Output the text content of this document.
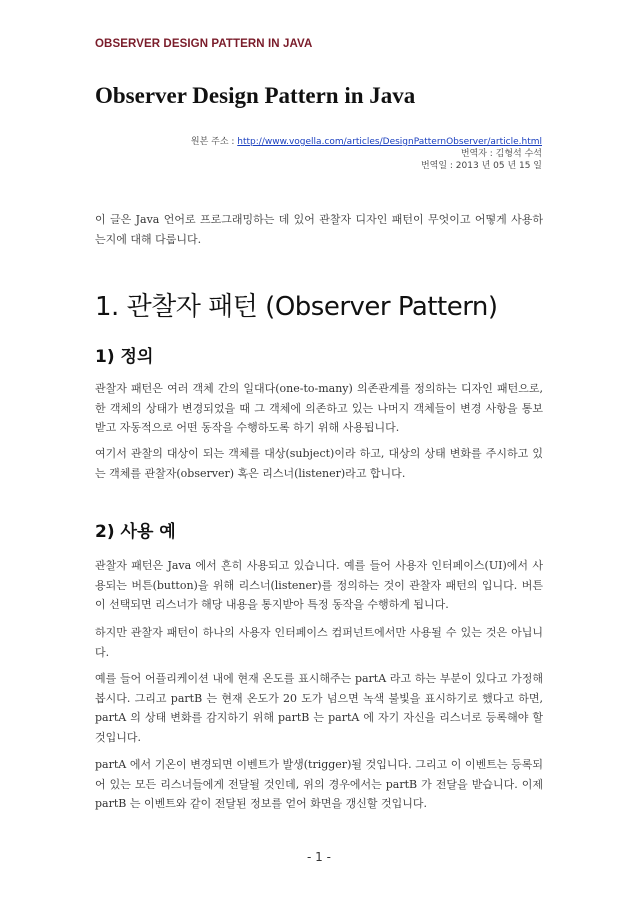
OBSERVER DESIGN PATTERN IN JAVA
Observer Design Pattern in Java
원본 주소 : http://www.vogella.com/articles/DesignPatternObserver/article.html
번역자 : 김형석 수석
번역일 : 2013 년 05 년 15 일
이 글은 Java 언어로 프로그래밍하는 데 있어 관찰자 디자인 패턴이 무엇이고 어떻게 사용하는지에 대해 다룹니다.
1. 관찰자 패턴 (Observer Pattern)
1) 정의
관찰자 패턴은 여러 객체 간의 일대다(one-to-many) 의존관계를 정의하는 디자인 패턴으로, 한 객체의 상태가 변경되었을 때 그 객체에 의존하고 있는 나머지 객체들이 변경 사항을 통보받고 자동적으로 어떤 동작을 수행하도록 하기 위해 사용됩니다.
여기서 관찰의 대상이 되는 객체를 대상(subject)이라 하고, 대상의 상태 변화를 주시하고 있는 객체를 관찰자(observer) 혹은 리스너(listener)라고 합니다.
2) 사용 예
관찰자 패턴은 Java 에서 흔히 사용되고 있습니다. 예를 들어 사용자 인터페이스(UI)에서 사용되는 버튼(button)을 위해 리스너(listener)를 정의하는 것이 관찰자 패턴의 입니다. 버튼이 선택되면 리스너가 해당 내용을 통지받아 특정 동작을 수행하게 됩니다.
하지만 관찰자 패턴이 하나의 사용자 인터페이스 컴퍼넌트에서만 사용될 수 있는 것은 아닙니다.
예를 들어 어플리케이션 내에 현재 온도를 표시해주는 partA 라고 하는 부분이 있다고 가정해봅시다. 그리고 partB 는 현재 온도가 20 도가 넘으면 녹색 불빛을 표시하기로 했다고 하면, partA 의 상태 변화를 감지하기 위해 partB 는 partA 에 자기 자신을 리스너로 등록해야 할 것입니다.
partA 에서 기온이 변경되면 이벤트가 발생(trigger)될 것입니다. 그리고 이 이벤트는 등록되어 있는 모든 리스너들에게 전달될 것인데, 위의 경우에서는 partB 가 전달을 받습니다. 이제 partB 는 이벤트와 같이 전달된 정보를 얻어 화면을 갱신할 것입니다.
- 1 -
